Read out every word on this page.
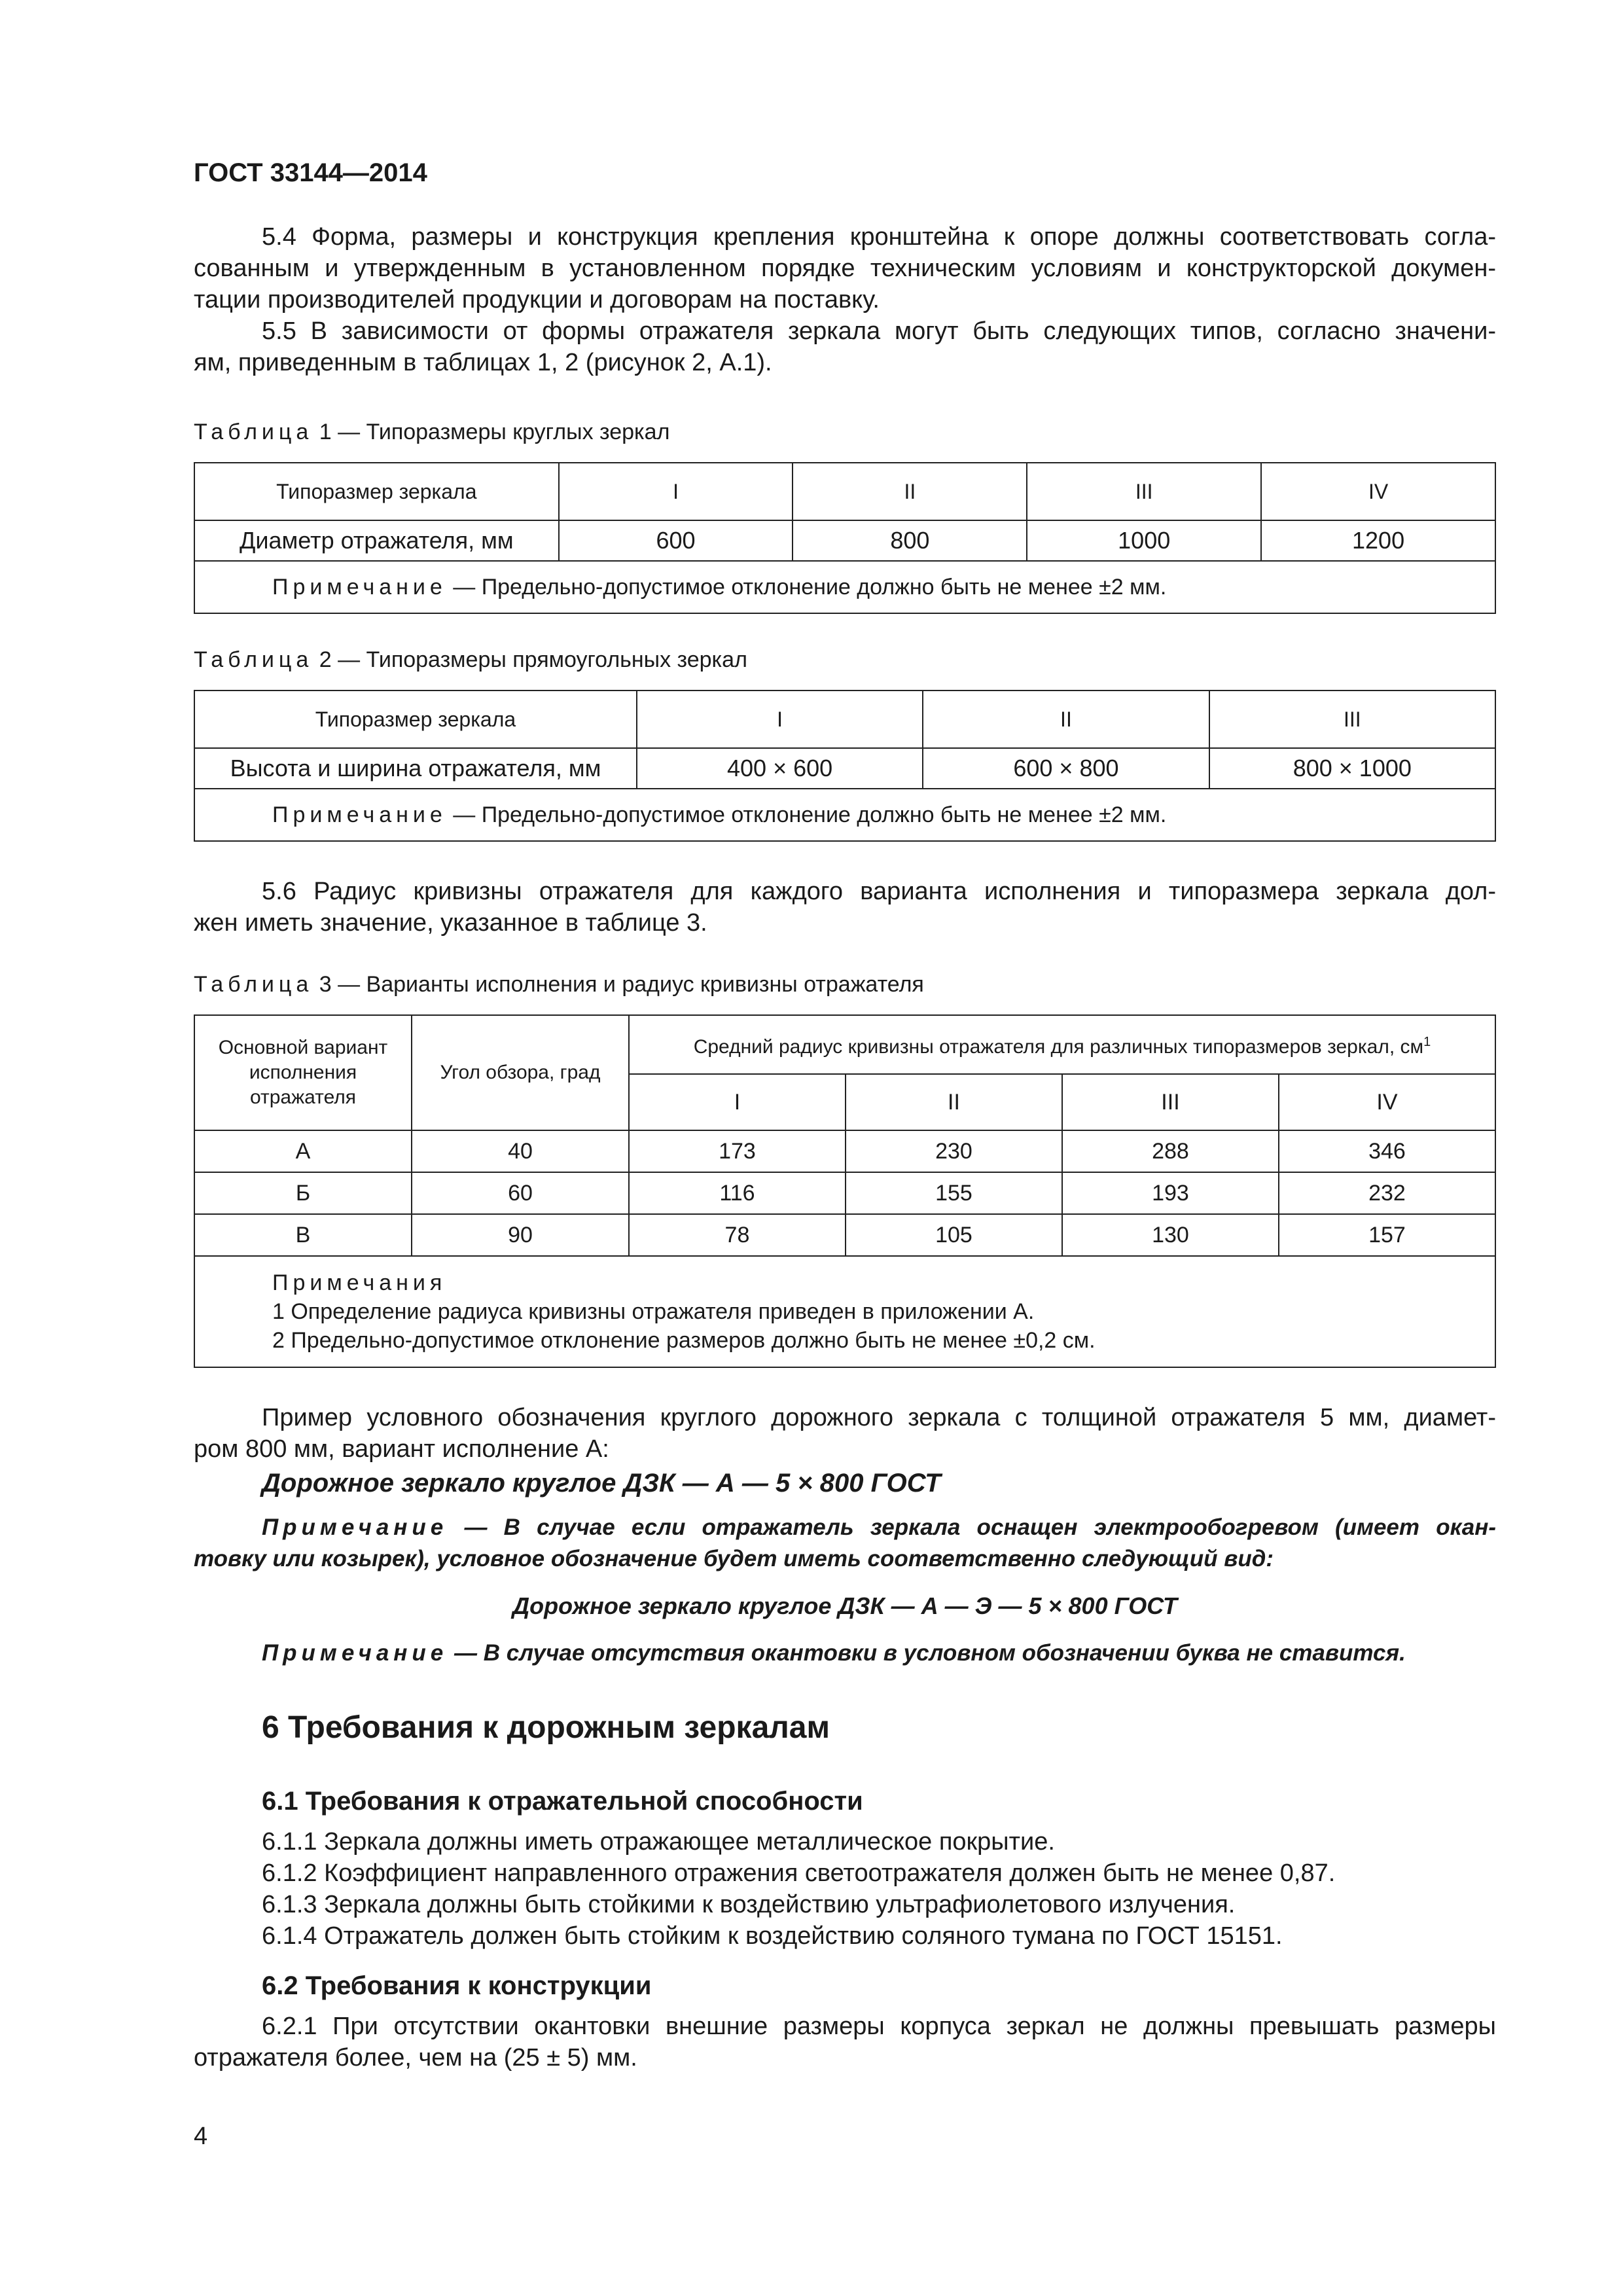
ГОСТ 33144—2014

5.4 Форма, размеры и конструкция крепления кронштейна к опоре должны соответствовать согла-

сованным и утвержденным в установленном порядке техническим условиям и конструкторской докумен-

тации производителей продукции и договорам на поставку.

5.5 В зависимости от формы отражателя зеркала могут быть следующих типов, согласно значени-

ям, приведенным в таблицах 1, 2 (рисунок 2, А.1).

Таблица 1 — Типоразмеры круглых зеркал
Типоразмер зеркала	I	II	III	IV
Диаметр отражателя, мм	600	800	1000	1200
Примечание — Предельно-допустимое отклонение должно быть не менее ±2 мм.				
Таблица 2 — Типоразмеры прямоугольных зеркал
Типоразмер зеркала	I	II	III
Высота и ширина отражателя, мм	400 × 600	600 × 800	800 × 1000
Примечание — Предельно-допустимое отклонение должно быть не менее ±2 мм.			

5.6 Радиус кривизны отражателя для каждого варианта исполнения и типоразмера зеркала дол-

жен иметь значение, указанное в таблице 3.

Таблица 3 — Варианты исполнения и радиус кривизны отражателя
Основной вариант исполнения отражателя	Угол обзора, град	Средний радиус кривизны отражателя для различных типоразмеров зеркал, $см^1$
		I	II	III	IV
А	40	173	230	288	346
Б	60	116	155	193	232
В	90	78	105	130	157

Примечания
1 Определение радиуса кривизны отражателя приведен в приложении А.
2 Предельно-допустимое отклонение размеров должно быть не менее ±0,2 см.					

Пример условного обозначения круглого дорожного зеркала с толщиной отражателя 5 мм, диамет-

ром 800 мм, вариант исполнение А:

Дорожное зеркало круглое ДЗК — А — 5 × 800 ГОСТ

Примечание — В случае если отражатель зеркала оснащен электрообогревом (имеет окан-

товку или козырек), условное обозначение будет иметь соответственно следующий вид:

Дорожное зеркало круглое ДЗК — А — Э — 5 × 800 ГОСТ

Примечание — В случае отсутствия окантовки в условном обозначении буква не ставится.

6 Требования к дорожным зеркалам
6.1 Требования к отражательной способности

6.1.1 Зеркала должны иметь отражающее металлическое покрытие.

6.1.2 Коэффициент направленного отражения светоотражателя должен быть не менее 0,87.

6.1.3 Зеркала должны быть стойкими к воздействию ультрафиолетового излучения.

6.1.4 Отражатель должен быть стойким к воздействию соляного тумана по ГОСТ 15151.

6.2 Требования к конструкции

6.2.1 При отсутствии окантовки внешние размеры корпуса зеркал не должны превышать размеры

отражателя более, чем на (25 ± 5) мм.

4
